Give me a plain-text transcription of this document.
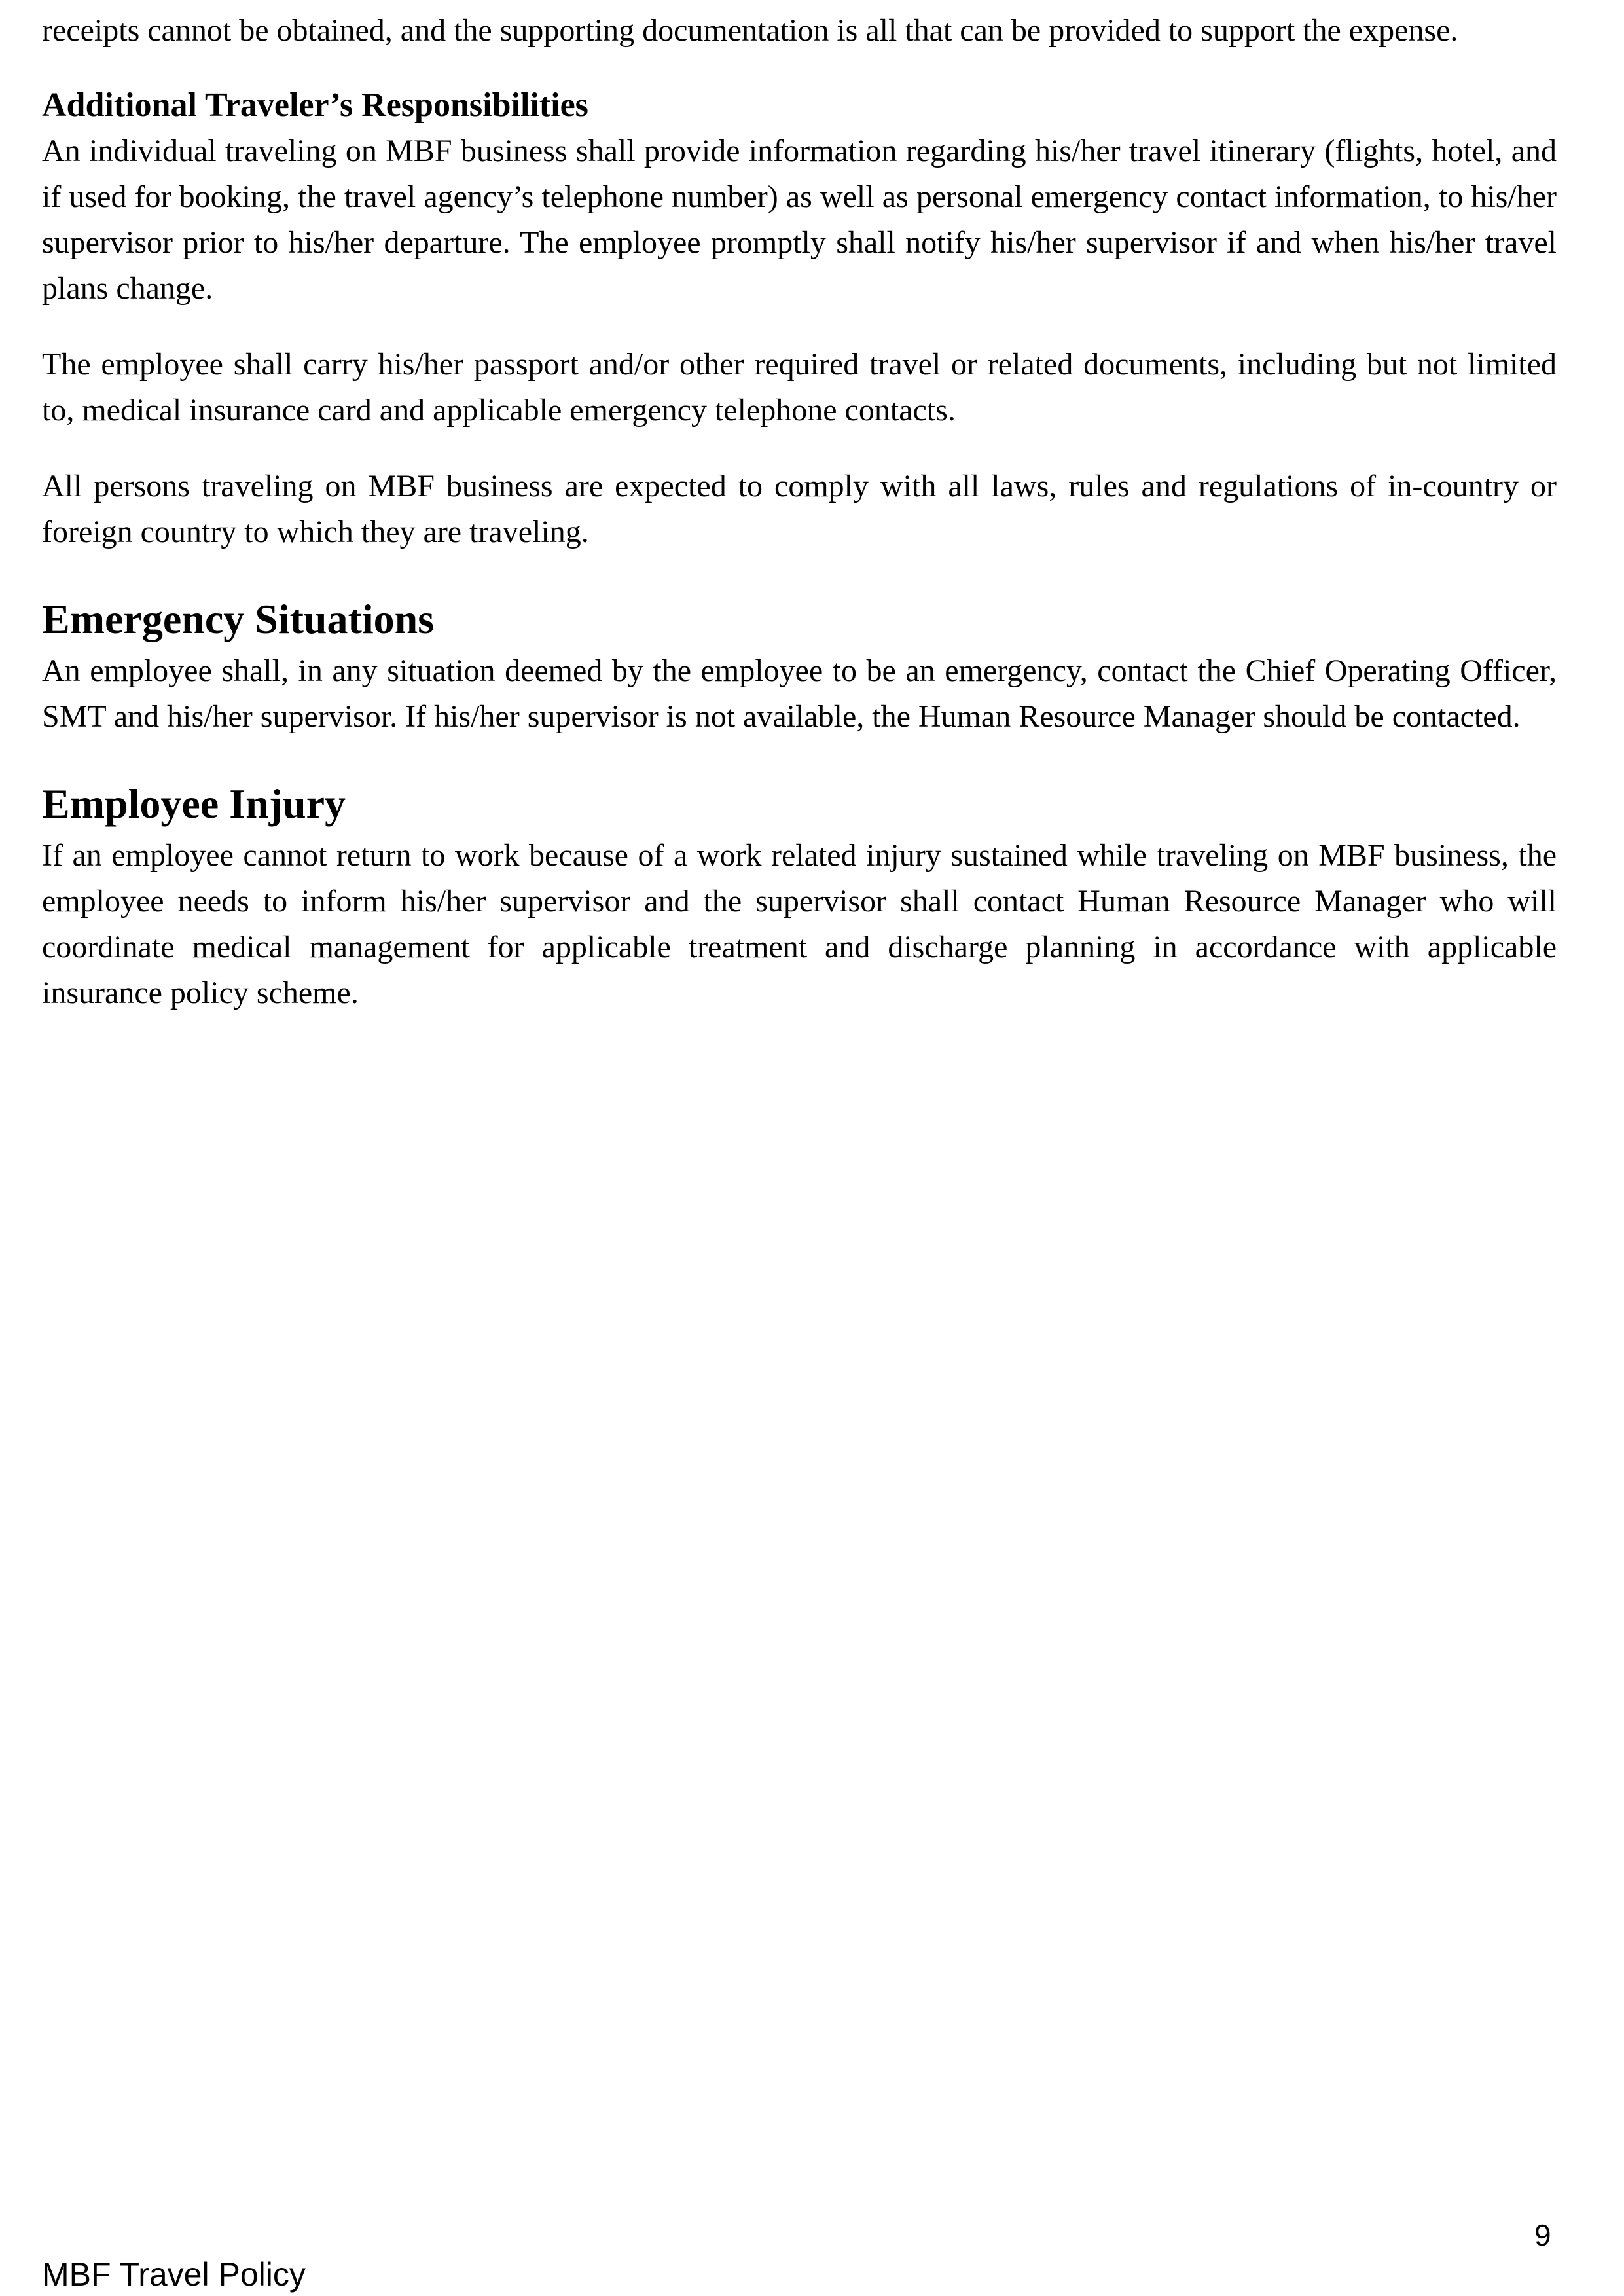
receipts cannot be obtained, and the supporting documentation is all that can be provided to support the expense.

Additional Traveler’s Responsibilities

An individual traveling on MBF business shall provide information regarding his/her travel itinerary (flights, hotel, and if used for booking, the travel agency’s telephone number) as well as personal emergency contact information, to his/her supervisor prior to his/her departure. The employee promptly shall notify his/her supervisor if and when his/her travel plans change.

The employee shall carry his/her passport and/or other required travel or related documents, including but not limited to, medical insurance card and applicable emergency telephone contacts.

All persons traveling on MBF business are expected to comply with all laws, rules and regulations of in-country or foreign country to which they are traveling.

Emergency Situations

An employee shall, in any situation deemed by the employee to be an emergency, contact the Chief Operating Officer, SMT and his/her supervisor. If his/her supervisor is not available, the Human Resource Manager should be contacted.

Employee Injury

If an employee cannot return to work because of a work related injury sustained while traveling on MBF business, the employee needs to inform his/her supervisor and the supervisor shall contact Human Resource Manager who will coordinate medical management for applicable treatment and discharge planning in accordance with applicable insurance policy scheme.

9
MBF Travel Policy
